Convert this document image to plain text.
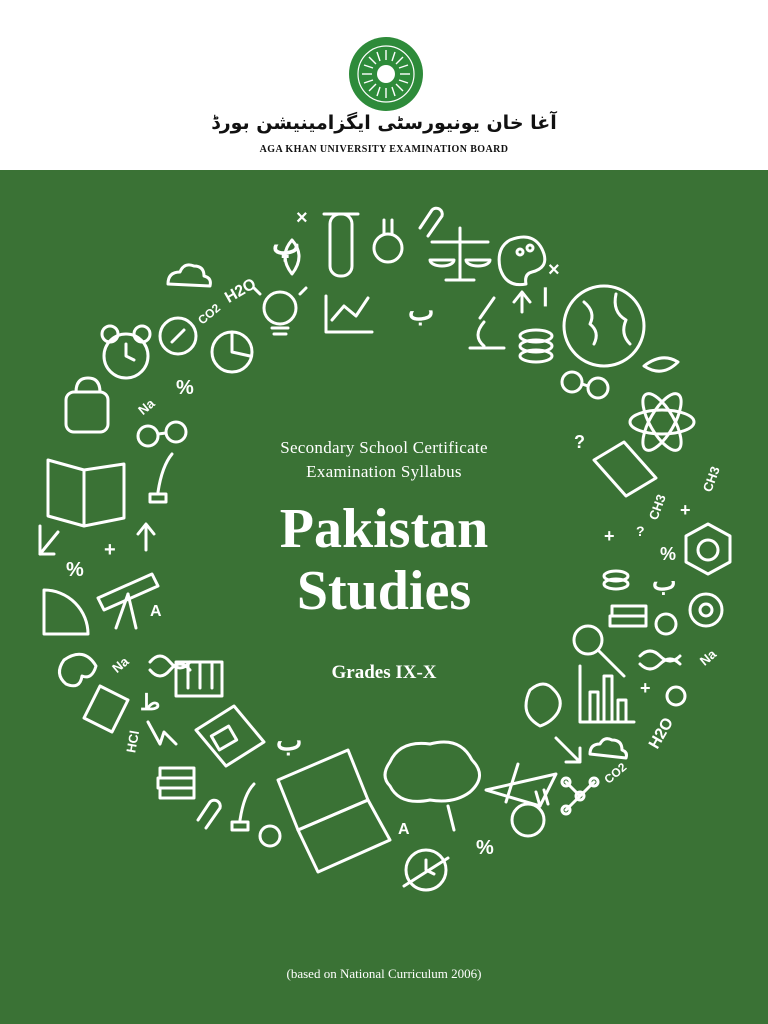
آغا خان یونیورسٹی ایگزامینیشن بورڈ
AGA KHAN UNIVERSITY EXAMINATION BOARD
پ
ب	ا
H2O
CO2
Na
%
×
×
?
CH3
CH3
+
+ ?
%
ب
%
+
A
Na	Na
ط
HCl
+
H2O
CO2
ب
A
%
Secondary School Certificate
Examination Syllabus
Pakistan
Studies
Grades IX-X
(based on National Curriculum 2006)
